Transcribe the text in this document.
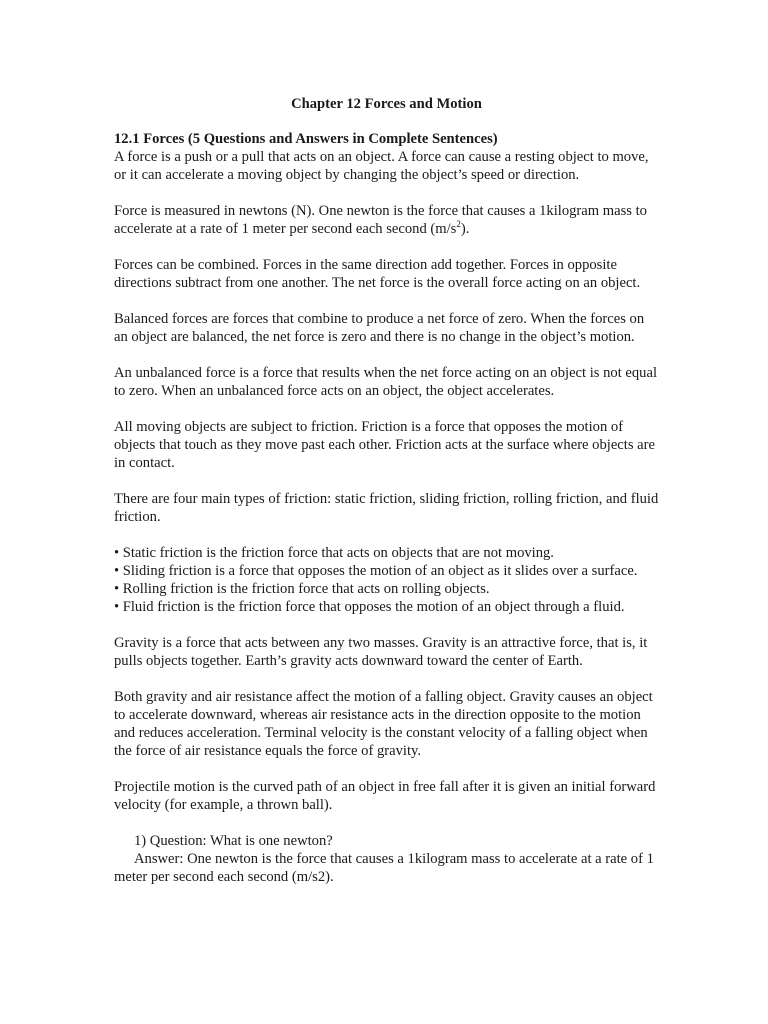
Chapter 12 Forces and Motion
12.1 Forces (5 Questions and Answers in Complete Sentences)

A force is a push or a pull that acts on an object. A force can cause a resting object to move, or it can accelerate a moving object by changing the object’s speed or direction.

Force is measured in newtons (N). One newton is the force that causes a 1kilogram mass to accelerate at a rate of 1 meter per second each second $(m/s^2)$.

Forces can be combined. Forces in the same direction add together. Forces in opposite directions subtract from one another. The net force is the overall force acting on an object.

Balanced forces are forces that combine to produce a net force of zero. When the forces on an object are balanced, the net force is zero and there is no change in the object’s motion.

An unbalanced force is a force that results when the net force acting on an object is not equal to zero. When an unbalanced force acts on an object, the object accelerates.

All moving objects are subject to friction. Friction is a force that opposes the motion of objects that touch as they move past each other. Friction acts at the surface where objects are in contact.

There are four main types of friction: static friction, sliding friction, rolling friction, and fluid friction.

• Static friction is the friction force that acts on objects that are not moving.
• Sliding friction is a force that opposes the motion of an object as it slides over a surface.
• Rolling friction is the friction force that acts on rolling objects.
• Fluid friction is the friction force that opposes the motion of an object through a fluid.

Gravity is a force that acts between any two masses. Gravity is an attractive force, that is, it pulls objects together. Earth’s gravity acts downward toward the center of Earth.

Both gravity and air resistance affect the motion of a falling object. Gravity causes an object to accelerate downward, whereas air resistance acts in the direction opposite to the motion and reduces acceleration. Terminal velocity is the constant velocity of a falling object when the force of air resistance equals the force of gravity.

Projectile motion is the curved path of an object in free fall after it is given an initial forward velocity (for example, a thrown ball).

1) Question: What is one newton?
Answer: One newton is the force that causes a 1kilogram mass to accelerate at a rate of 1 meter per second each second (m/s2).
